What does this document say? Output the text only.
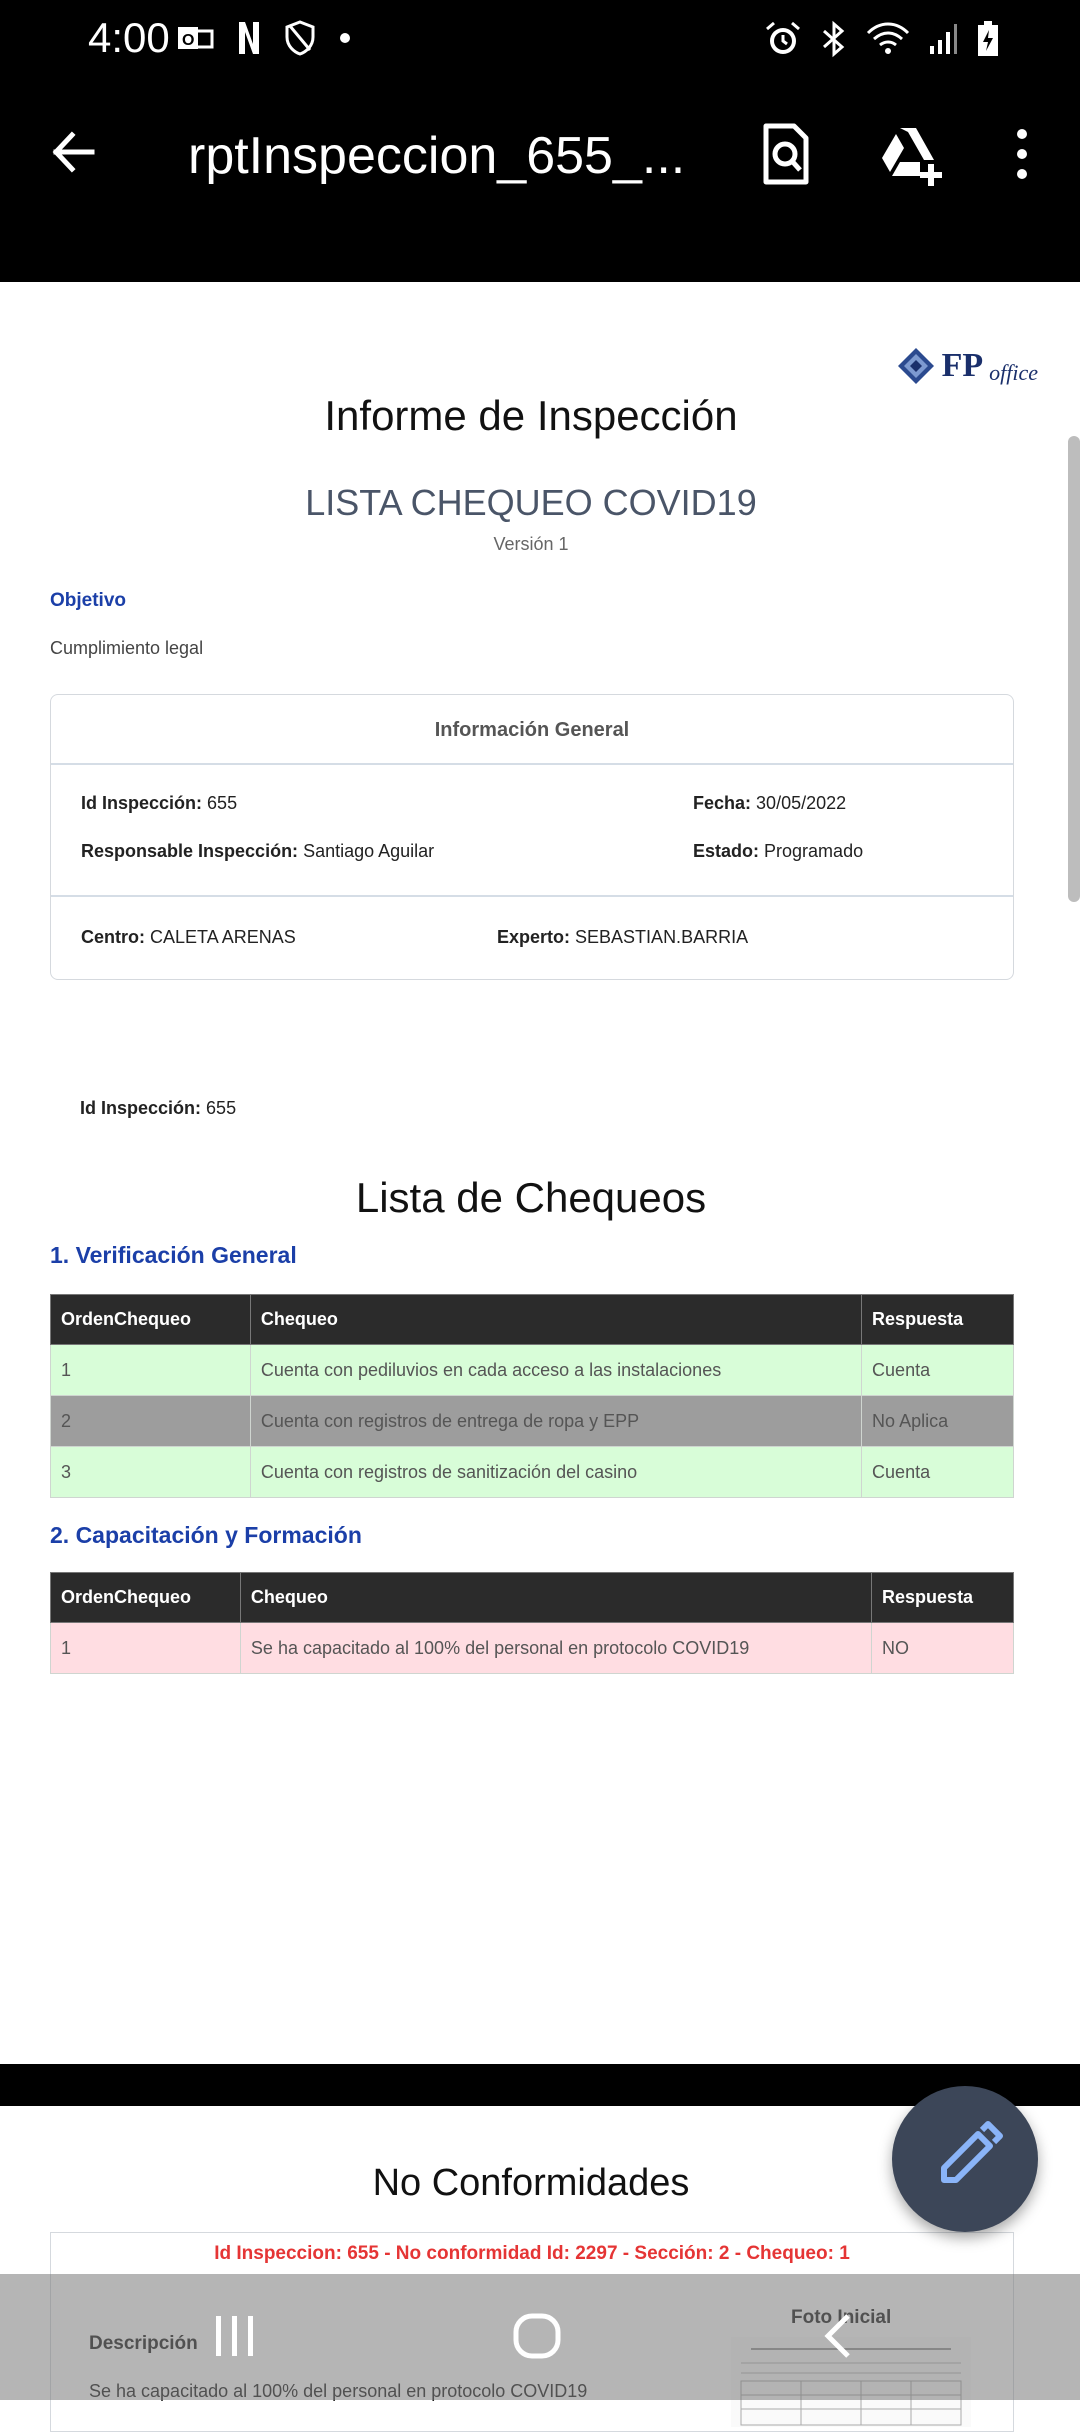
4:00 O
rptInspeccion_655_...
FP office
Informe de Inspección
LISTA CHEQUEO COVID19
Versión 1
Objetivo
Cumplimiento legal
Información General
Id Inspección: 655	Fecha: 30/05/2022
Responsable Inspección: Santiago Aguilar	Estado: Programado
Centro: CALETA ARENAS	Experto: SEBASTIAN.BARRIA
Id Inspección: 655
Lista de Chequeos
1. Verificación General
OrdenChequeo	Chequeo	Respuesta
1	Cuenta con pediluvios en cada acceso a las instalaciones	Cuenta
2	Cuenta con registros de entrega de ropa y EPP	No Aplica
3	Cuenta con registros de sanitización del casino	Cuenta
2. Capacitación y Formación
OrdenChequeo	Chequeo	Respuesta
1	Se ha capacitado al 100% del personal en protocolo COVID19	NO
No Conformidades
Id Inspeccion: 655 - No conformidad Id: 2297 - Sección: 2 - Chequeo: 1
